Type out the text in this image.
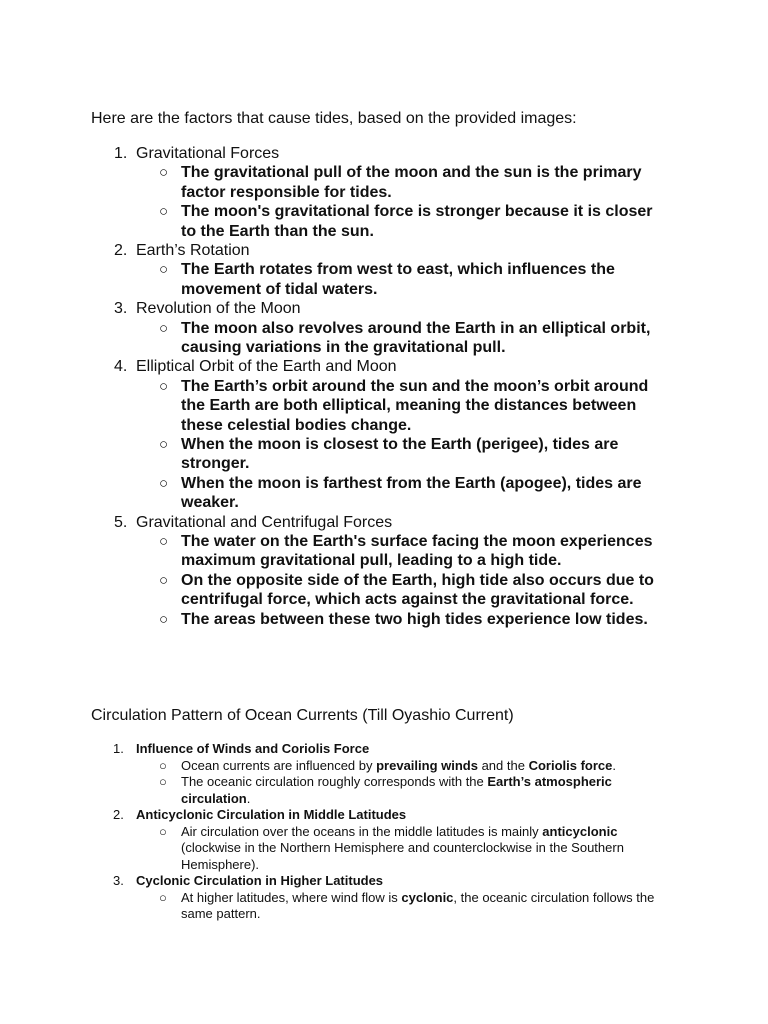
Here are the factors that cause tides, based on the provided images:

1. Gravitational Forces
○ The gravitational pull of the moon and the sun is the primary factor responsible for tides.
○ The moon's gravitational force is stronger because it is closer to the Earth than the sun.
2. Earth’s Rotation
○ The Earth rotates from west to east, which influences the movement of tidal waters.
3. Revolution of the Moon
○ The moon also revolves around the Earth in an elliptical orbit, causing variations in the gravitational pull.
4. Elliptical Orbit of the Earth and Moon
○ The Earth’s orbit around the sun and the moon’s orbit around the Earth are both elliptical, meaning the distances between these celestial bodies change.
○ When the moon is closest to the Earth (perigee), tides are stronger.
○ When the moon is farthest from the Earth (apogee), tides are weaker.
5. Gravitational and Centrifugal Forces
○ The water on the Earth's surface facing the moon experiences maximum gravitational pull, leading to a high tide.
○ On the opposite side of the Earth, high tide also occurs due to centrifugal force, which acts against the gravitational force.
○ The areas between these two high tides experience low tides.

Circulation Pattern of Ocean Currents (Till Oyashio Current)

1. Influence of Winds and Coriolis Force
○ Ocean currents are influenced by prevailing winds and the Coriolis force.
○ The oceanic circulation roughly corresponds with the Earth’s atmospheric circulation.
2. Anticyclonic Circulation in Middle Latitudes
○ Air circulation over the oceans in the middle latitudes is mainly anticyclonic (clockwise in the Northern Hemisphere and counterclockwise in the Southern Hemisphere).
3. Cyclonic Circulation in Higher Latitudes
○ At higher latitudes, where wind flow is cyclonic, the oceanic circulation follows the same pattern.
